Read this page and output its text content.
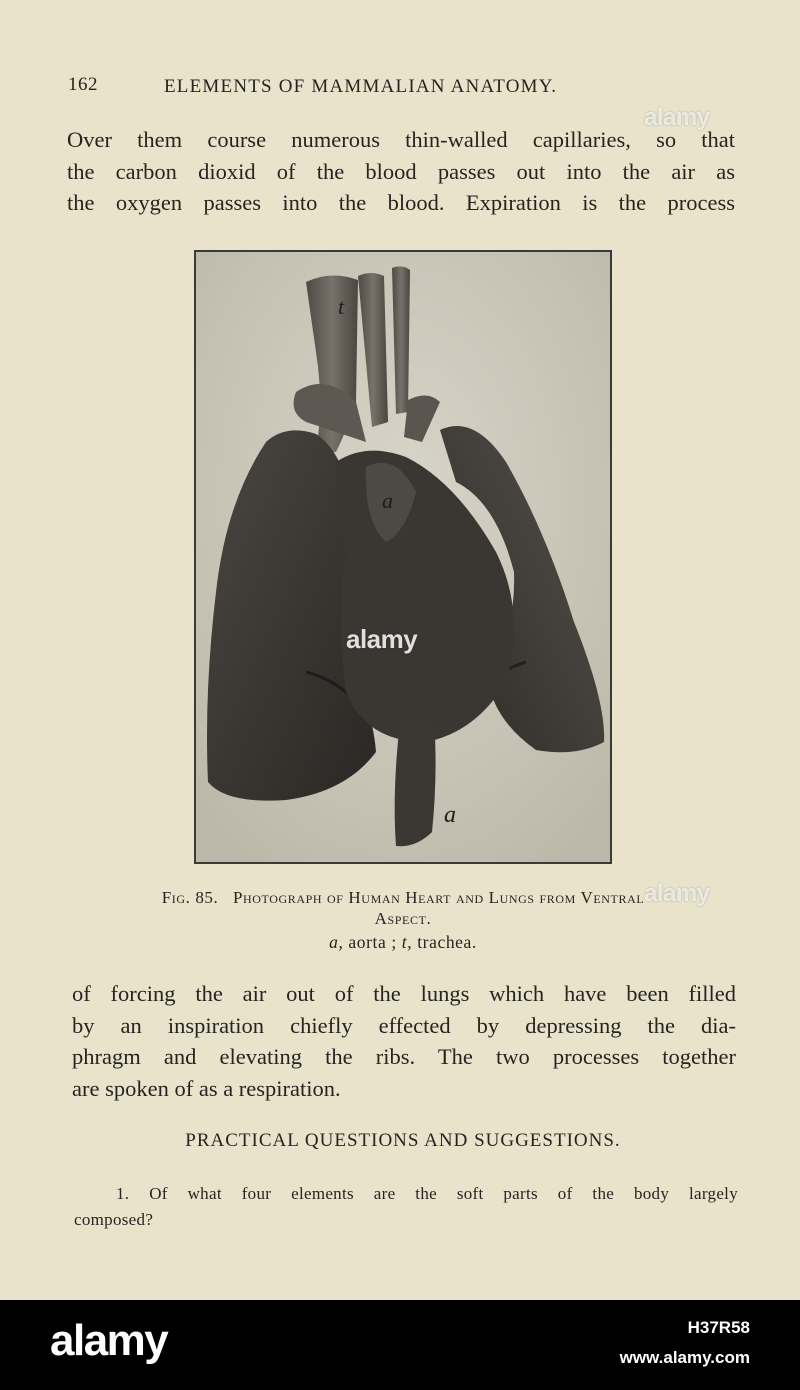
162	ELEMENTS OF MAMMALIAN ANATOMY.

Over them course numerous thin-walled capillaries, so that
the carbon dioxid of the blood passes out into the air as
the oxygen passes into the blood. Expiration is the process

t
a
a
Fig. 85. Photograph of Human Heart and Lungs from Ventral
Aspect.
a, aorta ; t, trachea.

of forcing the air out of the lungs which have been filled
by an inspiration chiefly effected by depressing the dia-
phragm and elevating the ribs. The two processes together
are spoken of as a respiration.

PRACTICAL QUESTIONS AND SUGGESTIONS.

1. Of what four elements are the soft parts of the body largely
composed?

alamy
alamy
alamy
alamy	H37R58
www.alamy.com
